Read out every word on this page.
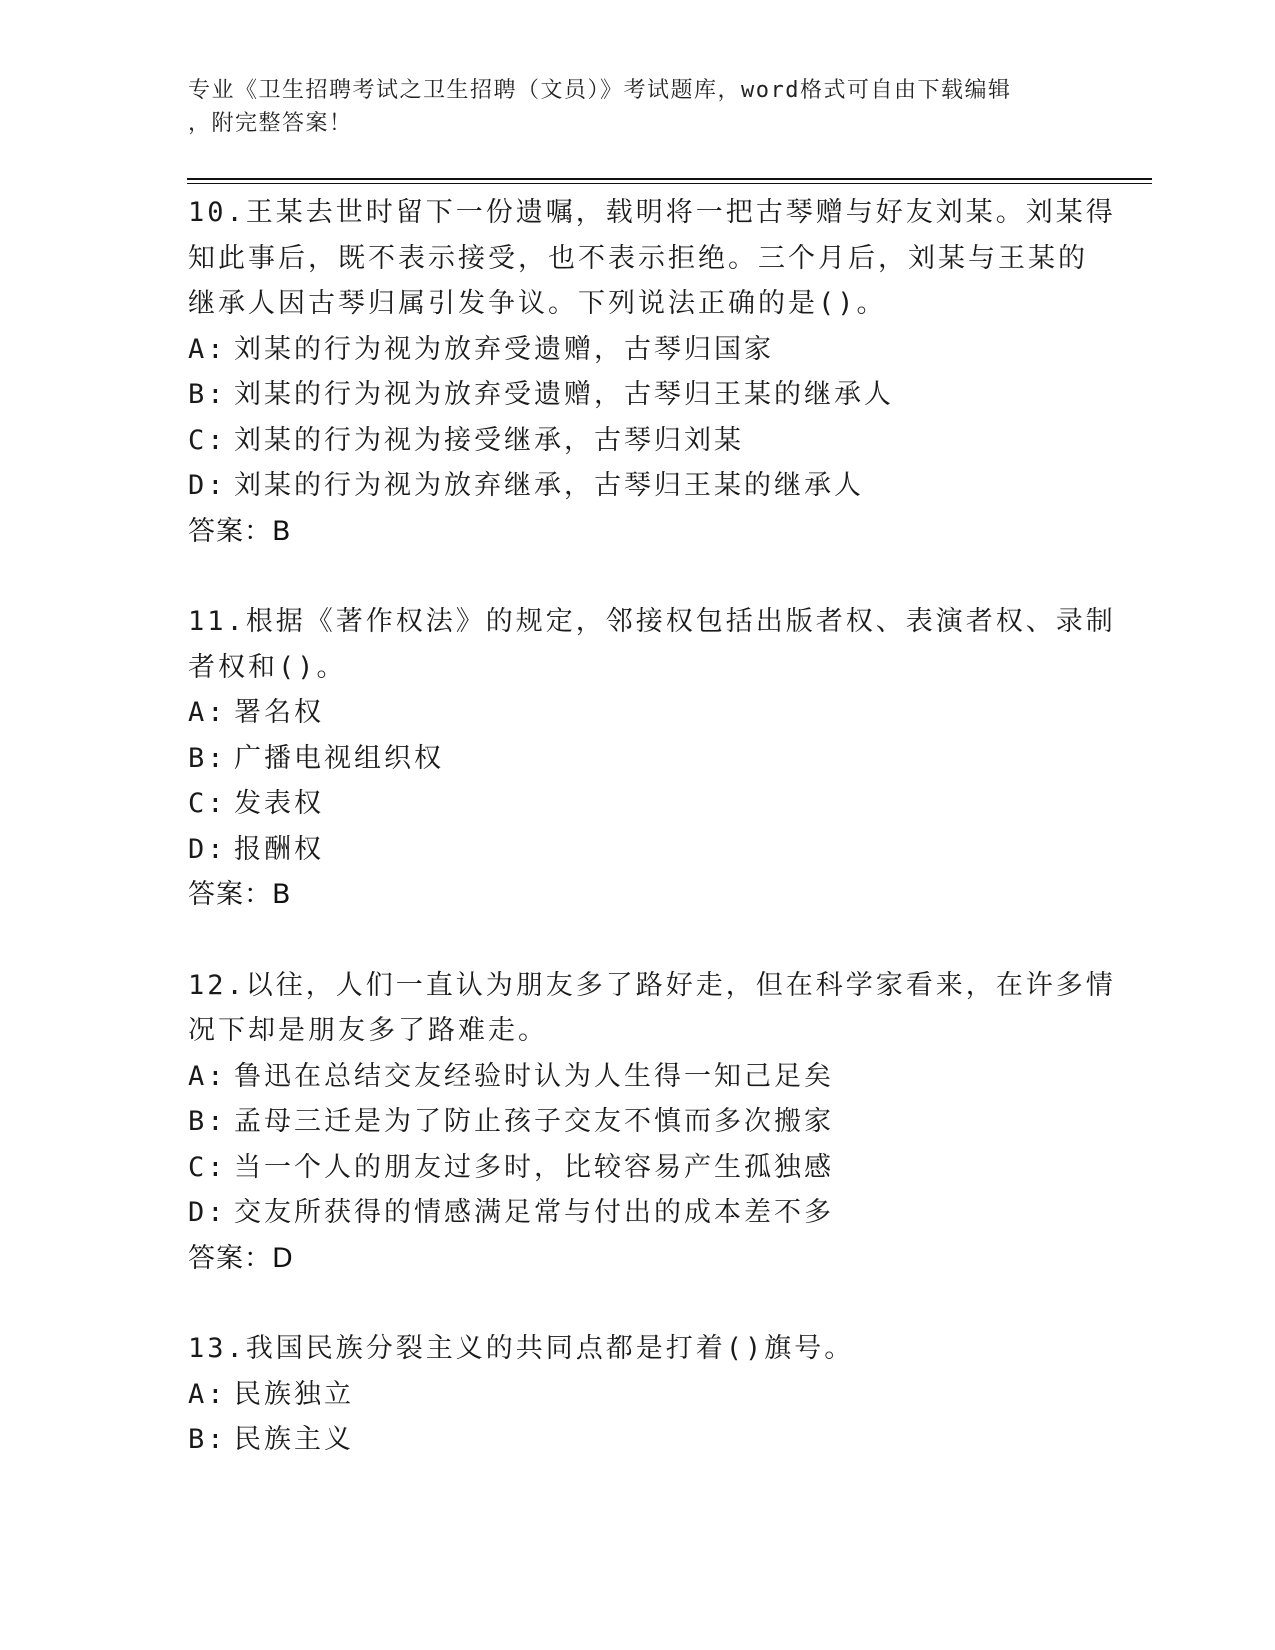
专业《卫生招聘考试之卫生招聘（文员）》考试题库，word格式可自由下载编辑
，附完整答案！
10.王某去世时留下一份遗嘱，载明将一把古琴赠与好友刘某。刘某得
知此事后，既不表示接受，也不表示拒绝。三个月后，刘某与王某的
继承人因古琴归属引发争议。下列说法正确的是()。
A: 刘某的行为视为放弃受遗赠，古琴归国家
B: 刘某的行为视为放弃受遗赠，古琴归王某的继承人
C: 刘某的行为视为接受继承，古琴归刘某
D: 刘某的行为视为放弃继承，古琴归王某的继承人
答案：B
11.根据《著作权法》的规定，邻接权包括出版者权、表演者权、录制
者权和()。
A: 署名权
B: 广播电视组织权
C: 发表权
D: 报酬权
答案：B
12.以往，人们一直认为朋友多了路好走，但在科学家看来，在许多情
况下却是朋友多了路难走。
A: 鲁迅在总结交友经验时认为人生得一知己足矣
B: 孟母三迁是为了防止孩子交友不慎而多次搬家
C: 当一个人的朋友过多时，比较容易产生孤独感
D: 交友所获得的情感满足常与付出的成本差不多
答案：D
13.我国民族分裂主义的共同点都是打着()旗号。
A: 民族独立
B: 民族主义
